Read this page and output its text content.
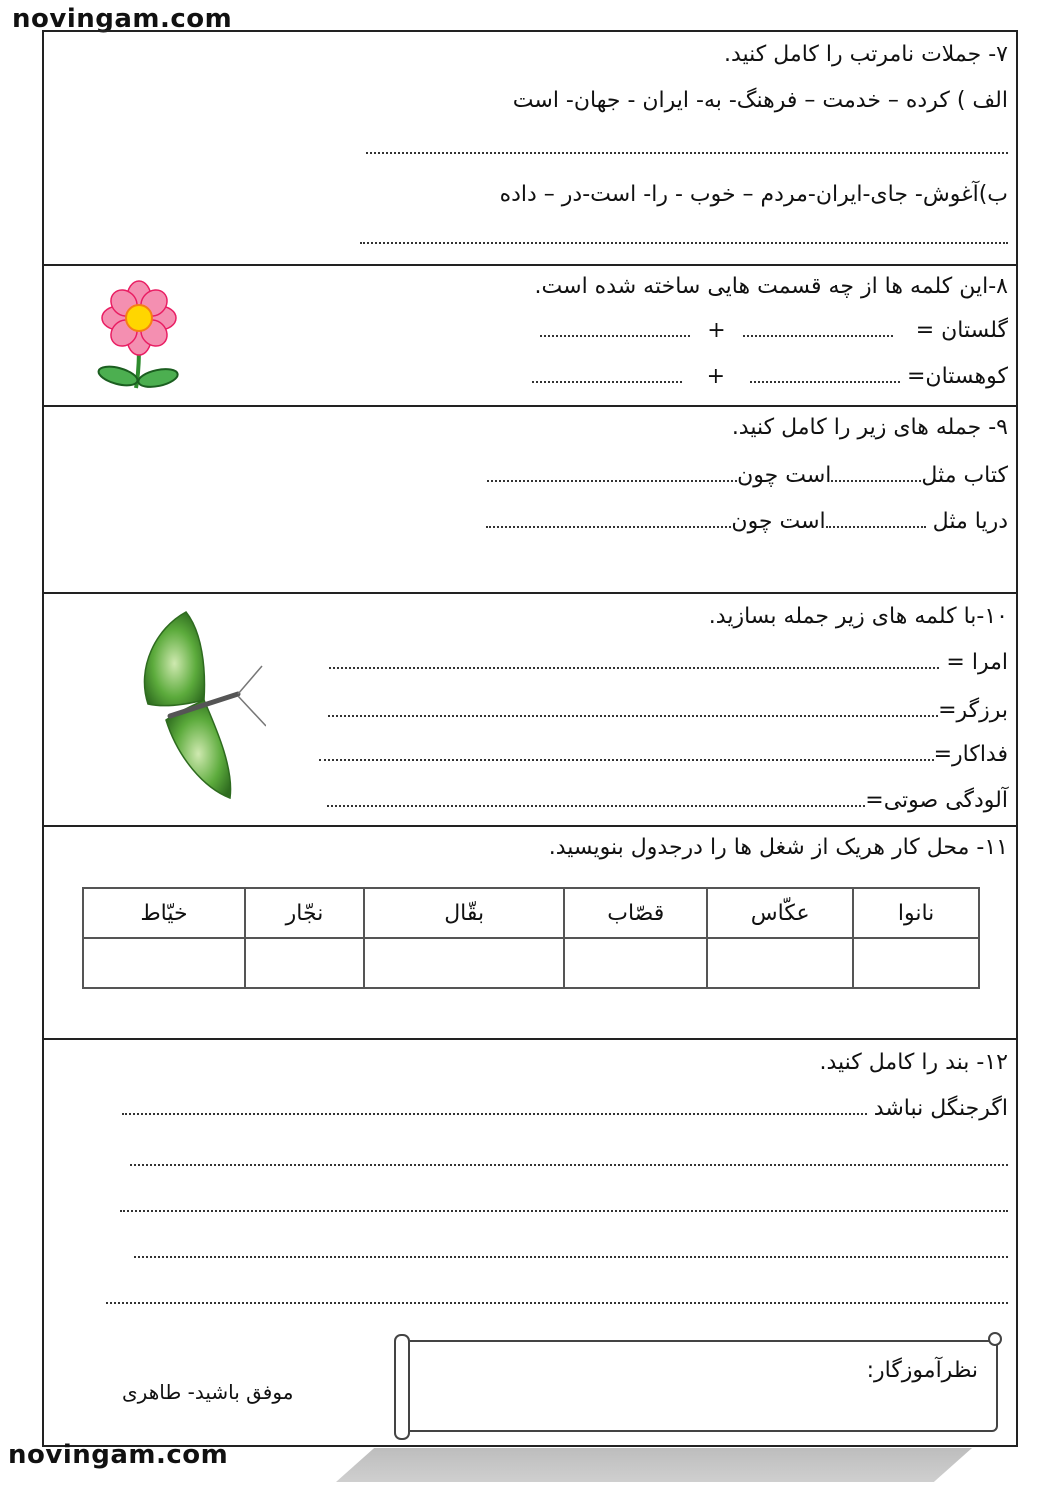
novingam.com
۷- جملات نامرتب را کامل کنید.
الف ) کرده – خدمت – فرهنگ- به- ایران - جهان- است
ب)آغوش- جای-ایران-مردم – خوب - را- است-در – داده
۸-این کلمه ها از چه قسمت هایی ساخته شده است.
گلستان =  +
کوهستان=  +
۹- جمله های زیر را کامل کنید.
کتاب مثلاست چون
دریا مثل است چون
۱۰-با کلمه های زیر جمله بسازید.
امرا =
برزگر=
فداکار=
آلودگی صوتی=
۱۱- محل کار هریک از شغل ها را درجدول بنویسید.
نانوا	عکّاس	قصّاب	بقّال	نجّار	خیّاط

۱۲- بند را کامل کنید.
اگرجنگل نباشد
نظرآموزگار:
موفق باشید- طاهری
novingam.com
